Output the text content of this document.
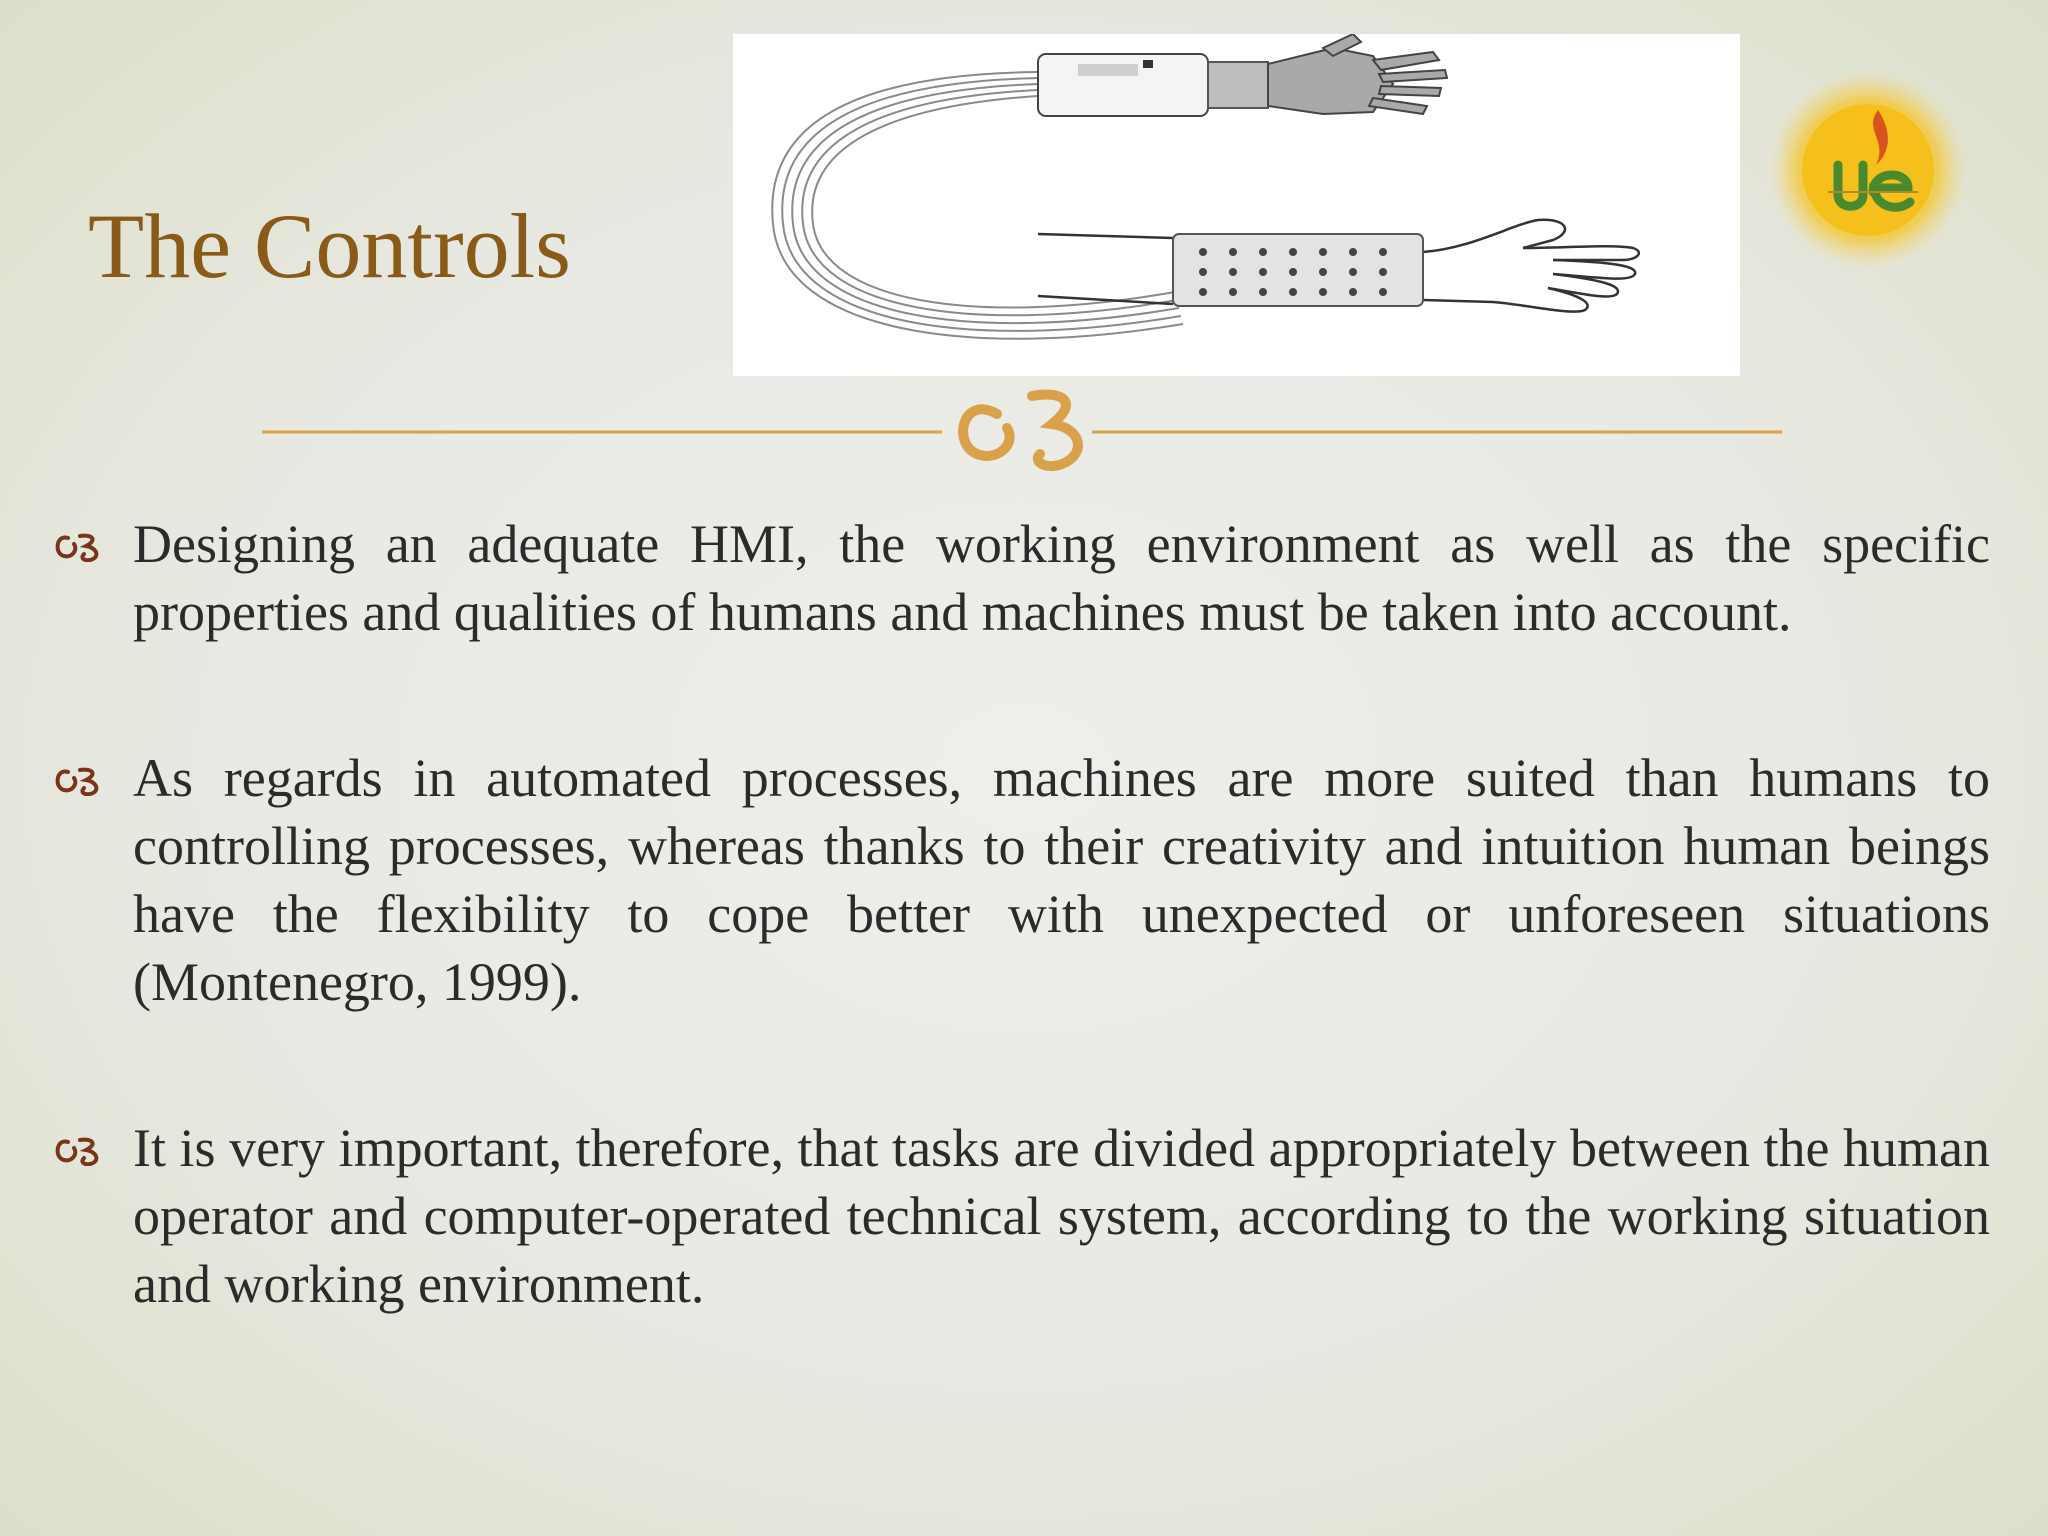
The Controls
Designing an adequate HMI, the working environment as well as the specific properties and qualities of humans and machines must be taken into account.
As regards in automated processes, machines are more suited than humans to controlling processes, whereas thanks to their creativity and intuition human beings have the flexibility to cope better with unexpected or unforeseen situations (Montenegro, 1999).
It is very important, therefore, that tasks are divided appropriately between the human operator and computer-operated technical system, according to the working situation and working environment.
